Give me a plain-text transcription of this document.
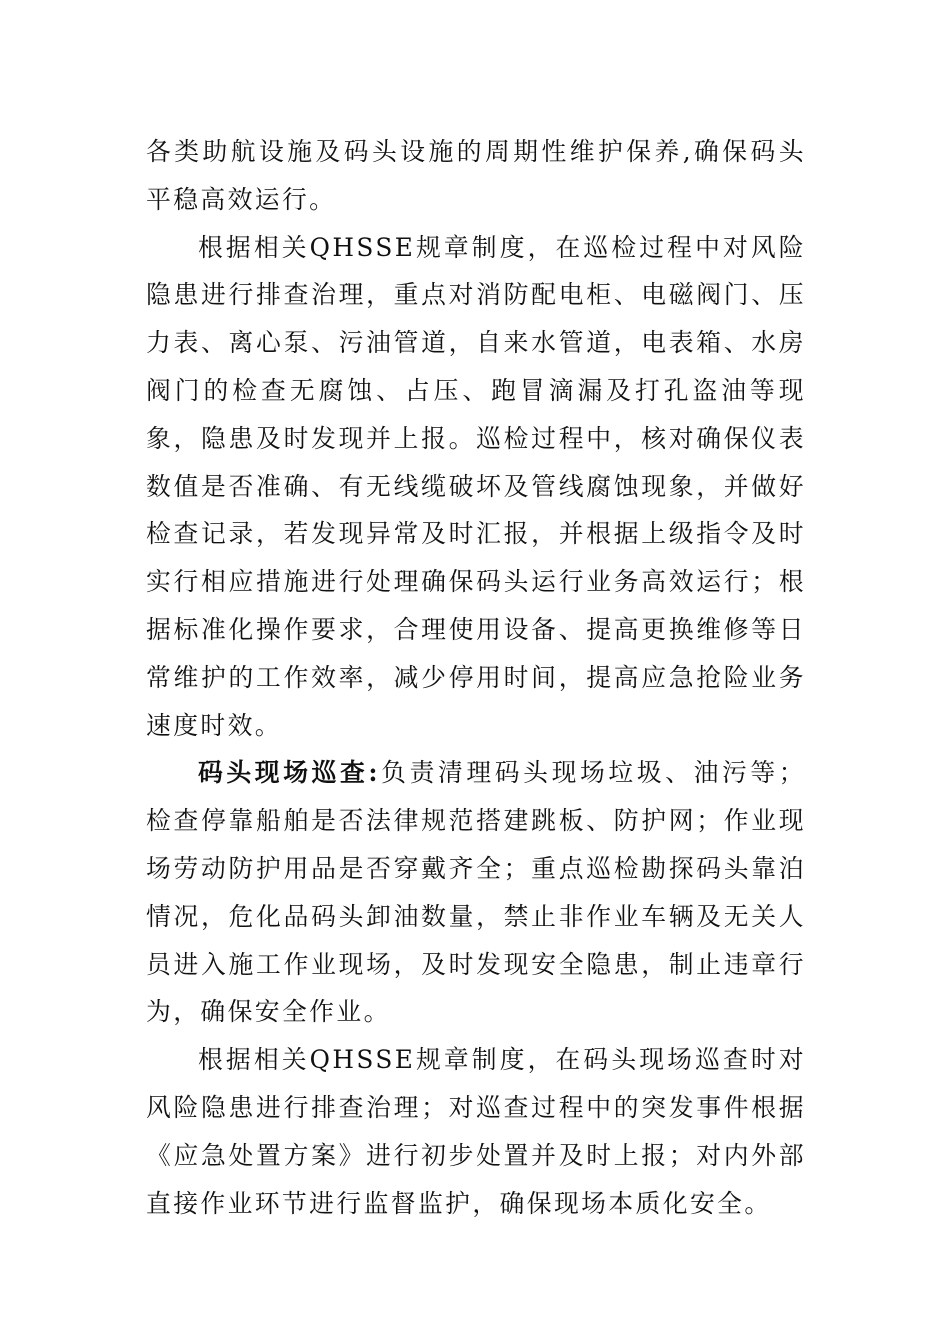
各类助航设施及码头设施的周期性维护保养,确保码头平稳高效运行。

根据相关QHSSE规章制度，在巡检过程中对风险隐患进行排查治理，重点对消防配电柜、电磁阀门、压力表、离心泵、污油管道，自来水管道，电表箱、水房阀门的检查无腐蚀、占压、跑冒滴漏及打孔盗油等现象，隐患及时发现并上报。巡检过程中，核对确保仪表数值是否准确、有无线缆破坏及管线腐蚀现象，并做好检查记录，若发现异常及时汇报，并根据上级指令及时实行相应措施进行处理确保码头运行业务高效运行；根据标准化操作要求，合理使用设备、提高更换维修等日常维护的工作效率，减少停用时间，提高应急抢险业务速度时效。

码头现场巡查:负责清理码头现场垃圾、油污等；检查停靠船舶是否法律规范搭建跳板、防护网；作业现场劳动防护用品是否穿戴齐全；重点巡检勘探码头靠泊情况，危化品码头卸油数量，禁止非作业车辆及无关人员进入施工作业现场，及时发现安全隐患，制止违章行为，确保安全作业。

根据相关QHSSE规章制度，在码头现场巡查时对风险隐患进行排查治理；对巡查过程中的突发事件根据《应急处置方案》进行初步处置并及时上报；对内外部直接作业环节进行监督监护，确保现场本质化安全。
